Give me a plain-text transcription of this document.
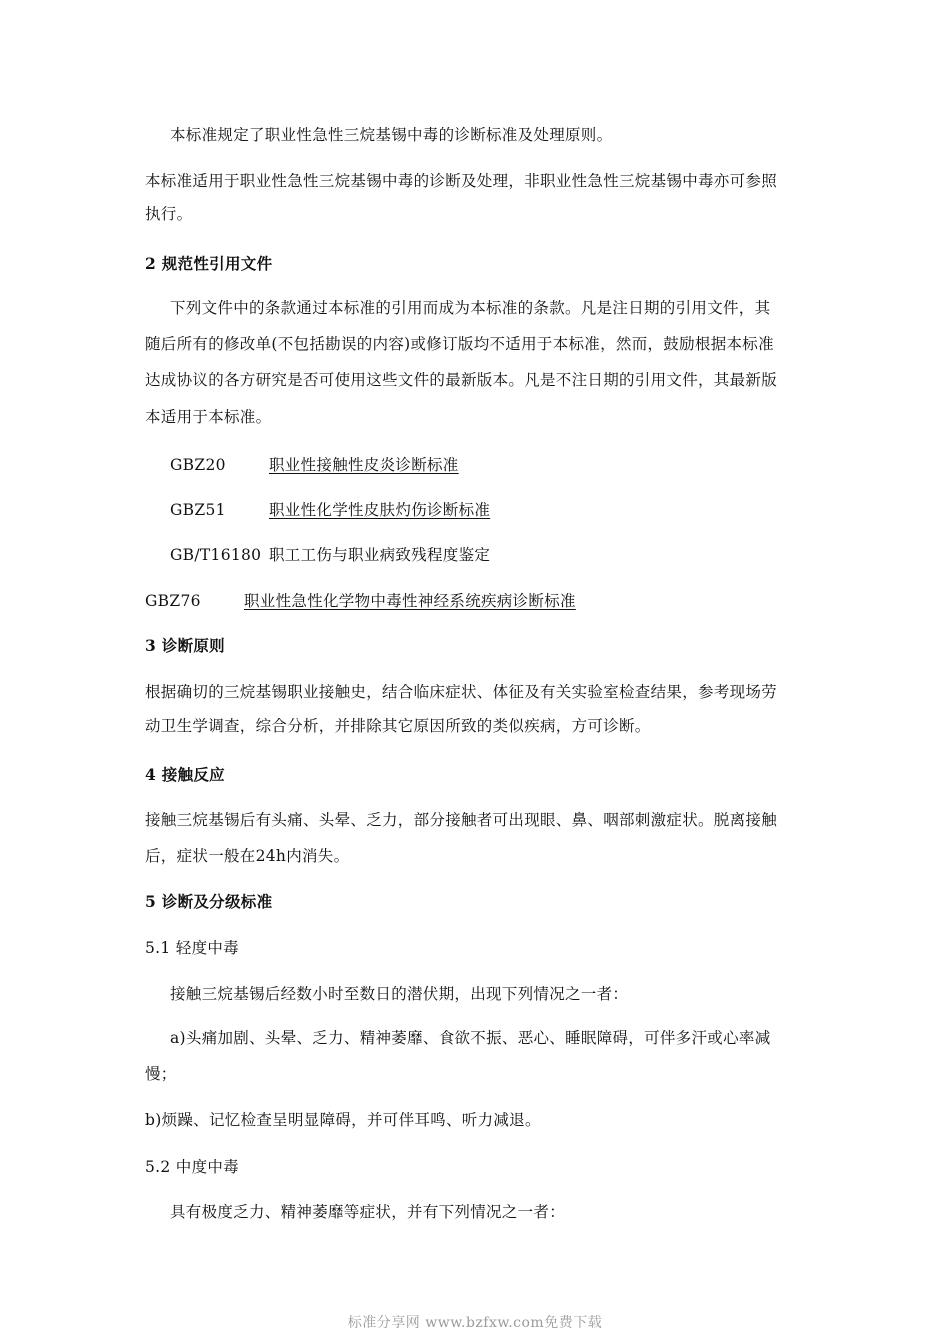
本标准规定了职业性急性三烷基锡中毒的诊断标准及处理原则。
本标准适用于职业性急性三烷基锡中毒的诊断及处理，非职业性急性三烷基锡中毒亦可参照
执行。
2 规范性引用文件
下列文件中的条款通过本标准的引用而成为本标准的条款。凡是注日期的引用文件，其
随后所有的修改单(不包括勘误的内容)或修订版均不适用于本标准，然而，鼓励根据本标准
达成协议的各方研究是否可使用这些文件的最新版本。凡是不注日期的引用文件，其最新版
本适用于本标准。
GBZ20	职业性接触性皮炎诊断标准
GBZ51	职业性化学性皮肤灼伤诊断标准
GB/T16180 职工工伤与职业病致残程度鉴定
GBZ76	职业性急性化学物中毒性神经系统疾病诊断标准
3 诊断原则
根据确切的三烷基锡职业接触史，结合临床症状、体征及有关实验室检查结果，参考现场劳
动卫生学调查，综合分析，并排除其它原因所致的类似疾病，方可诊断。
4 接触反应
接触三烷基锡后有头痛、头晕、乏力，部分接触者可出现眼、鼻、咽部刺激症状。脱离接触
后，症状一般在24h内消失。
5 诊断及分级标准
5.1 轻度中毒
接触三烷基锡后经数小时至数日的潜伏期，出现下列情况之一者：
a)头痛加剧、头晕、乏力、精神萎靡、食欲不振、恶心、睡眠障碍，可伴多汗或心率减
慢；
b)烦躁、记忆检查呈明显障碍，并可伴耳鸣、听力减退。
5.2 中度中毒
具有极度乏力、精神萎靡等症状，并有下列情况之一者：
标准分享网 www.bzfxw.com免费下载
